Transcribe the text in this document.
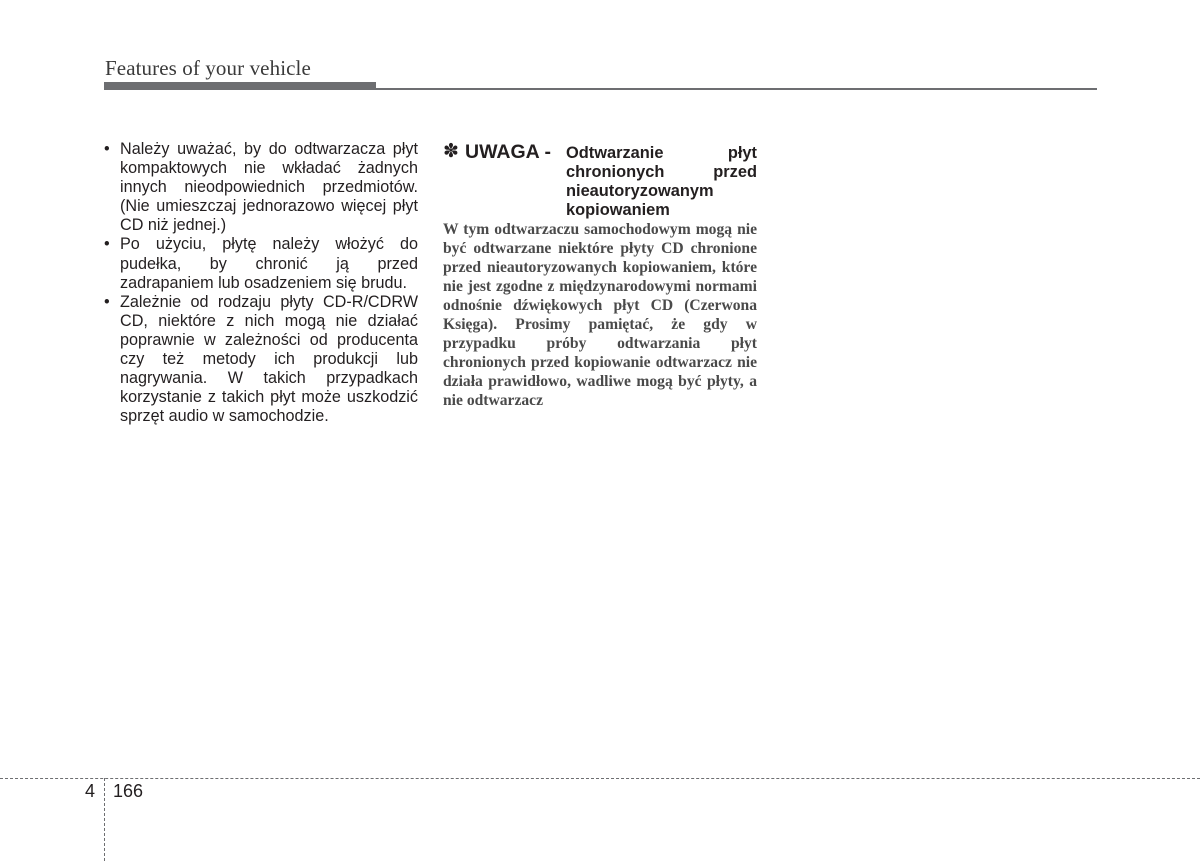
Features of your vehicle
• Należy uważać, by do odtwarzacza płyt kompaktowych nie wkładać żadnych innych nieodpowiednich przedmiotów. (Nie umieszczaj jednorazowo więcej płyt CD niż jednej.)
• Po użyciu, płytę należy włożyć do pudełka, by chronić ją przed zadrapaniem lub osadzeniem się brudu.
• Zależnie od rodzaju płyty CD-R/CDRW CD, niektóre z nich mogą nie działać poprawnie w zależności od producenta czy też metody ich produkcji lub nagrywania. W takich przypadkach korzystanie z takich płyt może uszkodzić sprzęt audio w samochodzie.
✽ UWAGA - Odtwarzanie płyt chronionych przed nieautoryzowanym kopiowaniem

W tym odtwarzaczu samochodowym mogą nie być odtwarzane niektóre płyty CD chronione przed nieautoryzowanych kopiowaniem, które nie jest zgodne z międzynarodowymi normami odnośnie dźwiękowych płyt CD (Czerwona Księga). Prosimy pamiętać, że gdy w przypadku próby odtwarzania płyt chronionych przed kopiowanie odtwarzacz nie działa prawidłowo, wadliwe mogą być płyty, a nie odtwarzacz

4 166
